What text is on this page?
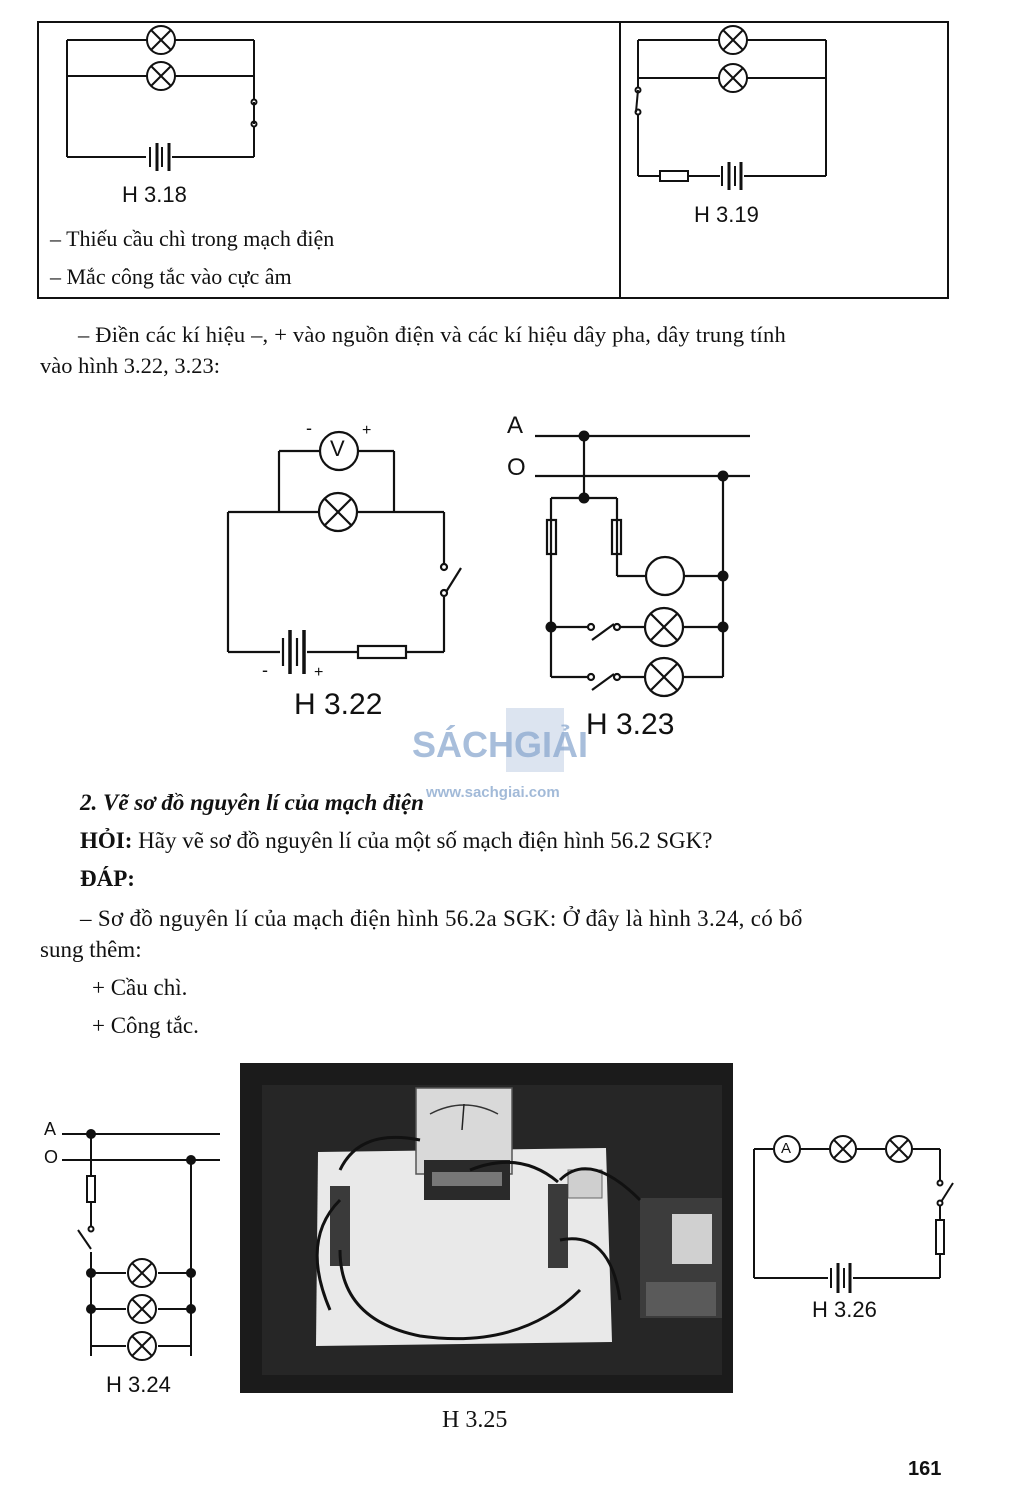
H 3.18
H 3.19
– Thiếu cầu chì trong mạch điện
– Mắc công tắc vào cực âm
– Điền các kí hiệu –, + vào nguồn điện và các kí hiệu dây pha, dây trung tính
vào hình 3.22, 3.23:
V
-	+
-	+
H 3.22
A
O
H 3.23
SÁCH GIẢI
www.sachgiai.com
2. Vẽ sơ đồ nguyên lí của mạch điện
HỎI: Hãy vẽ sơ đồ nguyên lí của một số mạch điện hình 56.2 SGK?
ĐÁP:
– Sơ đồ nguyên lí của mạch điện hình 56.2a SGK: Ở đây là hình 3.24, có bổ
sung thêm:
+ Cầu chì.
+ Công tắc.
A
O
H 3.24
H 3.25
A
H 3.26
161
